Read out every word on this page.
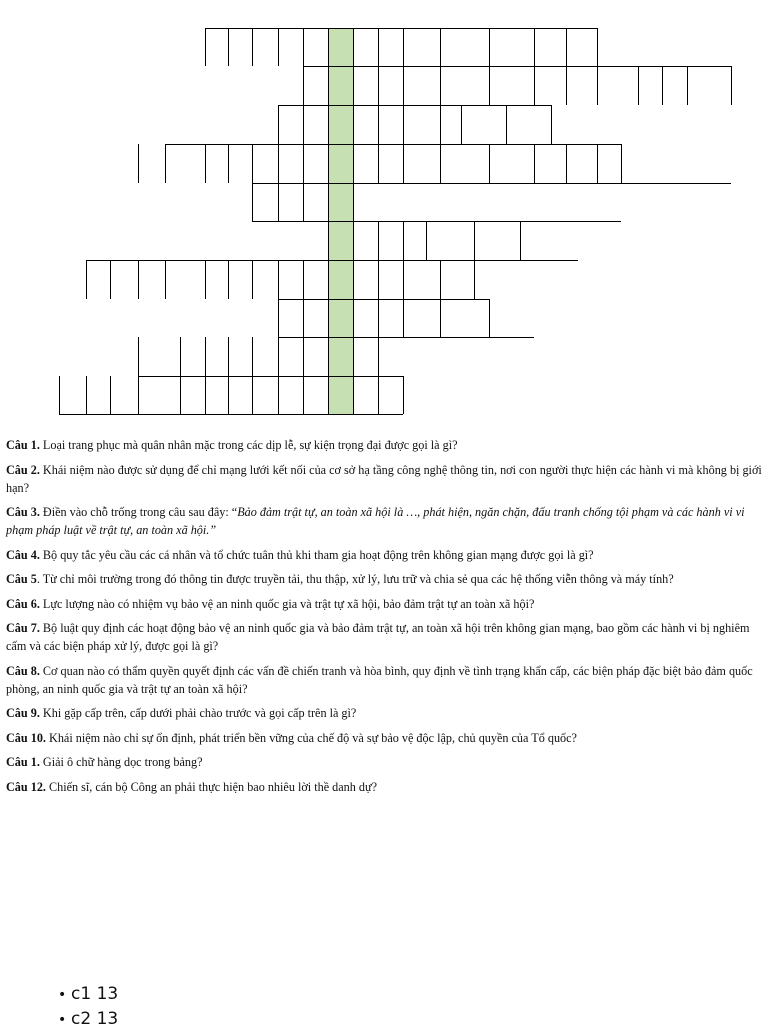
Câu 1. Loại trang phục mà quân nhân mặc trong các dịp lễ, sự kiện trọng đại được gọi là gì?

Câu 2. Khái niệm nào được sử dụng để chỉ mạng lưới kết nối của cơ sở hạ tầng công nghệ thông tin, nơi con người thực hiện các hành vi mà không bị giới hạn?

Câu 3. Điền vào chỗ trống trong câu sau đây: “Bảo đảm trật tự, an toàn xã hội là …, phát hiện, ngăn chặn, đấu tranh chống tội phạm và các hành vi vi phạm pháp luật về trật tự, an toàn xã hội.”

Câu 4. Bộ quy tắc yêu cầu các cá nhân và tổ chức tuân thủ khi tham gia hoạt động trên không gian mạng được gọi là gì?

Câu 5. Từ chỉ môi trường trong đó thông tin được truyền tải, thu thập, xử lý, lưu trữ và chia sẻ qua các hệ thống viễn thông và máy tính?

Câu 6. Lực lượng nào có nhiệm vụ bảo vệ an ninh quốc gia và trật tự xã hội, bảo đảm trật tự an toàn xã hội?

Câu 7. Bộ luật quy định các hoạt động bảo vệ an ninh quốc gia và bảo đảm trật tự, an toàn xã hội trên không gian mạng, bao gồm các hành vi bị nghiêm cấm và các biện pháp xử lý, được gọi là gì?

Câu 8. Cơ quan nào có thẩm quyền quyết định các vấn đề chiến tranh và hòa bình, quy định về tình trạng khẩn cấp, các biện pháp đặc biệt bảo đảm quốc phòng, an ninh quốc gia và trật tự an toàn xã hội?

Câu 9. Khi gặp cấp trên, cấp dưới phải chào trước và gọi cấp trên là gì?

Câu 10. Khái niệm nào chỉ sự ổn định, phát triển bền vững của chế độ và sự bảo vệ độc lập, chủ quyền của Tổ quốc?

Câu 1. Giải ô chữ hàng dọc trong bảng?

Câu 12. Chiến sĩ, cán bộ Công an phải thực hiện bao nhiêu lời thề danh dự?

• c1 13
• c2 13
